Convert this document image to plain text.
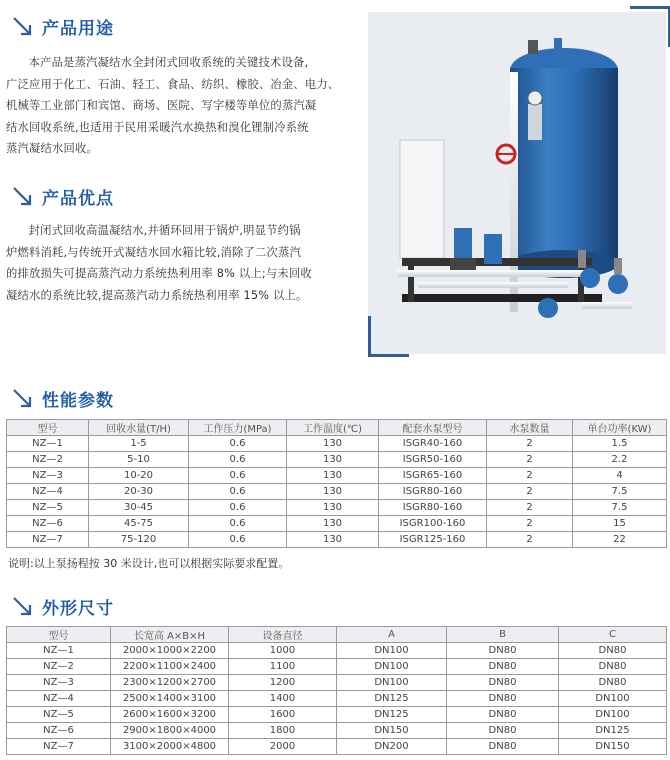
产品用途
本产品是蒸汽凝结水全封闭式回收系统的关键技术设备,
广泛应用于化工、石油、轻工、食品、纺织、橡胶、冶金、电力、
机械等工业部门和宾馆、商场、医院、写字楼等单位的蒸汽凝
结水回收系统,也适用于民用采暖汽水换热和溴化锂制冷系统
蒸汽凝结水回收。
产品优点
封闭式回收高温凝结水,并循环回用于锅炉,明显节约锅
炉燃料消耗,与传统开式凝结水回水箱比较,消除了二次蒸汽
的排放损失可提高蒸汽动力系统热利用率 8% 以上;与未回收
凝结水的系统比较,提高蒸汽动力系统热利用率 15% 以上。
性能参数
型号	回收水量(T/H)	工作压力(MPa)	工作温度(℃)	配套水泵型号	水泵数量	单台功率(KW)
NZ—1	1-5	0.6	130	ISGR40-160	2	1.5
NZ—2	5-10	0.6	130	ISGR50-160	2	2.2
NZ—3	10-20	0.6	130	ISGR65-160	2	4
NZ—4	20-30	0.6	130	ISGR80-160	2	7.5
NZ—5	30-45	0.6	130	ISGR80-160	2	7.5
NZ—6	45-75	0.6	130	ISGR100-160	2	15
NZ—7	75-120	0.6	130	ISGR125-160	2	22
说明:以上泵扬程按 30 米设计,也可以根据实际要求配置。
外形尺寸
型号	长宽高 A×B×H	设备直径	A	B	C
NZ—1	2000×1000×2200	1000	DN100	DN80	DN80
NZ—2	2200×1100×2400	1100	DN100	DN80	DN80
NZ—3	2300×1200×2700	1200	DN100	DN80	DN80
NZ—4	2500×1400×3100	1400	DN125	DN80	DN100
NZ—5	2600×1600×3200	1600	DN125	DN80	DN100
NZ—6	2900×1800×4000	1800	DN150	DN80	DN125
NZ—7	3100×2000×4800	2000	DN200	DN80	DN150
